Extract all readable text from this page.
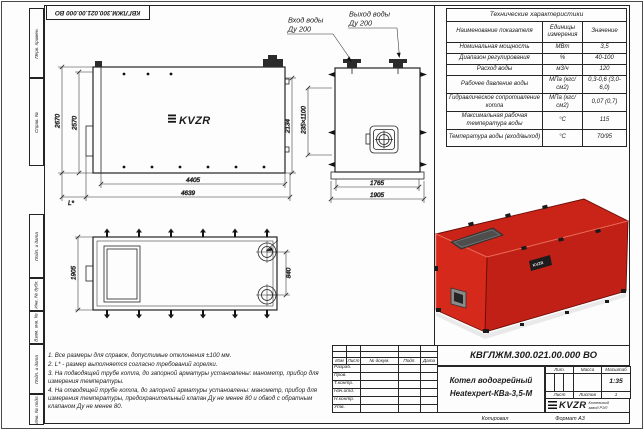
KVZR
2670 2570	2134
4405
4639
L*
235×1100
1765
1905
Вход воды
Ду 200
Выход воды
Ду 200
1905	840
KVZR
Перв. примен.
Справ. №
Подп. и дата
Инв. № дубл.
Взам. инв. №
Подп. и дата
Инв. № подл.
КВГЛЖМ.300.021.00.000 ВО	Технические характеристики		
Наименование показателя	Единицы измерения	Значение
Номинальная мощность	МВт	3,5
Диапазон регулирования	%	40-100
Расход воды	м3/ч	120
Рабочее давление воды	МПа (кгс/см2)	0,3-0,6 (3,0-6,0)
Гидравлическое сопротивление котла	МПа (кгс/см2)	0,07 (0,7)
Максимальная рабочая температура воды	°С	115
Температура воды (вход/выход)	°С	70/95
1. Все размеры для справок, допустимые отклонения ±100 мм.
2. L* - размер выполняется согласно требований горелки.
3. На подводящей трубе котла, до запорной арматуры установлены: манометр, прибор для измерения температуры.
4. На отводящей трубе котла, до запорной арматуры установлены: манометр, прибор для измерения температуры, предохранительный клапан Ду не менее 80 и обвод с обратным клапаном Ду не менее 80.

Изм	Лист	№ докум.	Подп.	Дата
Разраб.				
Пров.				
Т.контр.				
Нач.отд.				
Н.контр.				
Утв.				
КВГЛЖМ.300.021.00.000 ВО
Котел водогрейный
Heatexpert-КВа-3,5-М
Лит.			Масса	Масштаб
				1:35
Лист			Листов	1
KVZR Котельный
завод РЭП
Копировал	Формат А3
